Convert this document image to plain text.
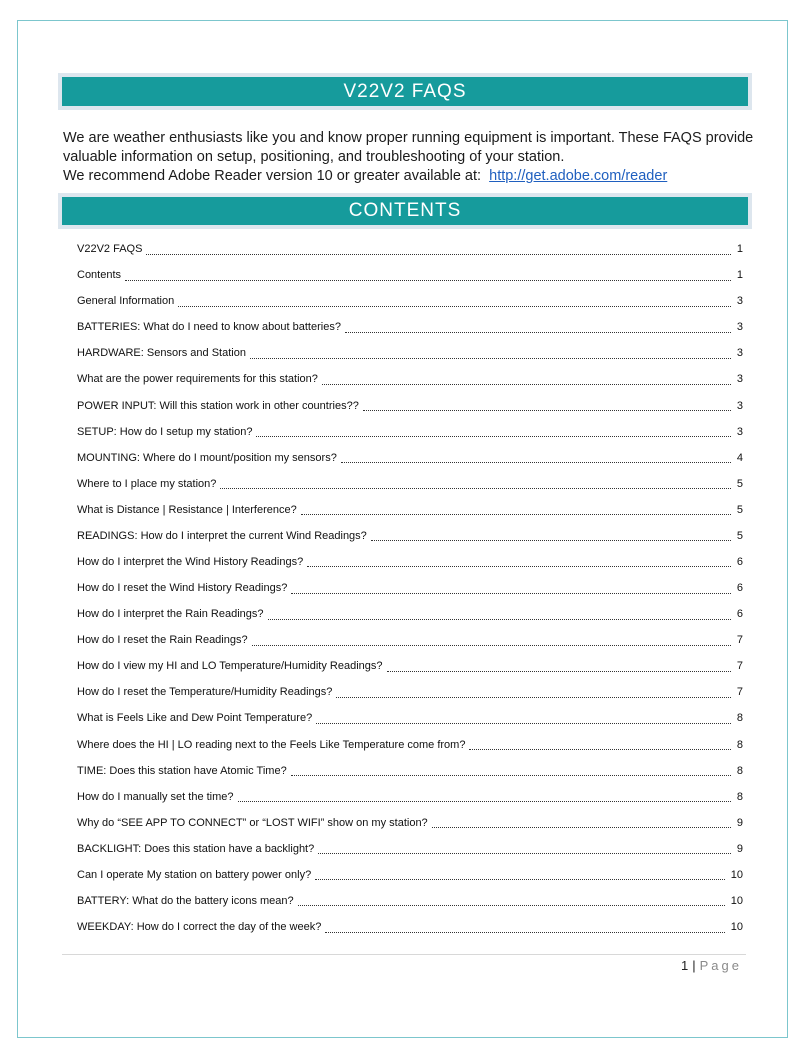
V22V2 FAQS

We are weather enthusiasts like you and know proper running equipment is important. These FAQS provide

valuable information on setup, positioning, and troubleshooting of your station.

We recommend Adobe Reader version 10 or greater available at: http://get.adobe.com/reader

CONTENTS
V22V2 FAQS	1
Contents	1
General Information	3
BATTERIES: What do I need to know about batteries?	3
HARDWARE: Sensors and Station	3
What are the power requirements for this station?	3
POWER INPUT: Will this station work in other countries??	3
SETUP: How do I setup my station?	3
MOUNTING: Where do I mount/position my sensors?	4
Where to I place my station?	5
What is Distance | Resistance | Interference?	5
READINGS: How do I interpret the current Wind Readings?	5
How do I interpret the Wind History Readings?	6
How do I reset the Wind History Readings?	6
How do I interpret the Rain Readings?	6
How do I reset the Rain Readings?	7
How do I view my HI and LO Temperature/Humidity Readings?	7
How do I reset the Temperature/Humidity Readings?	7
What is Feels Like and Dew Point Temperature?	8
Where does the HI | LO reading next to the Feels Like Temperature come from?	8
TIME: Does this station have Atomic Time?	8
How do I manually set the time?	8
Why do “SEE APP TO CONNECT” or “LOST WIFI” show on my station?	9
BACKLIGHT: Does this station have a backlight?	9
Can I operate My station on battery power only?	10
BATTERY: What do the battery icons mean?	10
WEEKDAY: How do I correct the day of the week?	10
1 | Page
